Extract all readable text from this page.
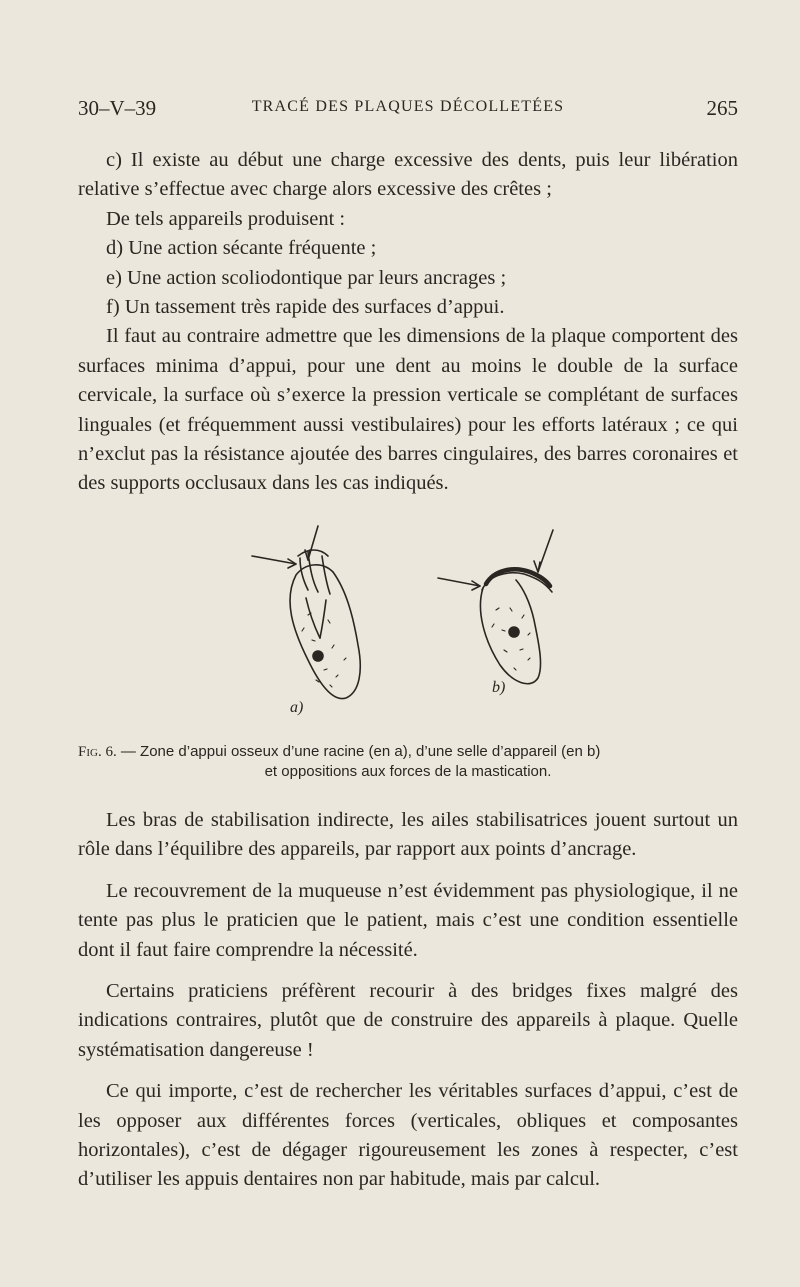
30–V–39	TRACÉ DES PLAQUES DÉCOLLETÉES	265

c) Il existe au début une charge excessive des dents, puis leur libération relative s’effectue avec charge alors excessive des crêtes ;

De tels appareils produisent :

d) Une action sécante fréquente ;

e) Une action scoliodontique par leurs ancrages ;

f) Un tassement très rapide des surfaces d’appui.

Il faut au contraire admettre que les dimensions de la plaque comportent des surfaces minima d’appui, pour une dent au moins le double de la surface cervicale, la surface où s’exerce la pression verticale se complétant de surfaces linguales (et fréquemment aussi vestibulaires) pour les efforts latéraux ; ce qui n’exclut pas la résistance ajoutée des barres cingulaires, des barres coronaires et des supports occlusaux dans les cas indiqués.

a)
b)
Fig. 6. — Zone d’appui osseux d’une racine (en a), d’une selle d’appareil (en b)
et oppositions aux forces de la mastication.

Les bras de stabilisation indirecte, les ailes stabilisatrices jouent surtout un rôle dans l’équilibre des appareils, par rapport aux points d’ancrage.

Le recouvrement de la muqueuse n’est évidemment pas physiologique, il ne tente pas plus le praticien que le patient, mais c’est une condition essentielle dont il faut faire comprendre la nécessité.

Certains praticiens préfèrent recourir à des bridges fixes malgré des indications contraires, plutôt que de construire des appareils à plaque. Quelle systématisation dangereuse !

Ce qui importe, c’est de rechercher les véritables surfaces d’appui, c’est de les opposer aux différentes forces (verticales, obliques et composantes horizontales), c’est de dégager rigoureusement les zones à respecter, c’est d’utiliser les appuis dentaires non par habitude, mais par calcul.
